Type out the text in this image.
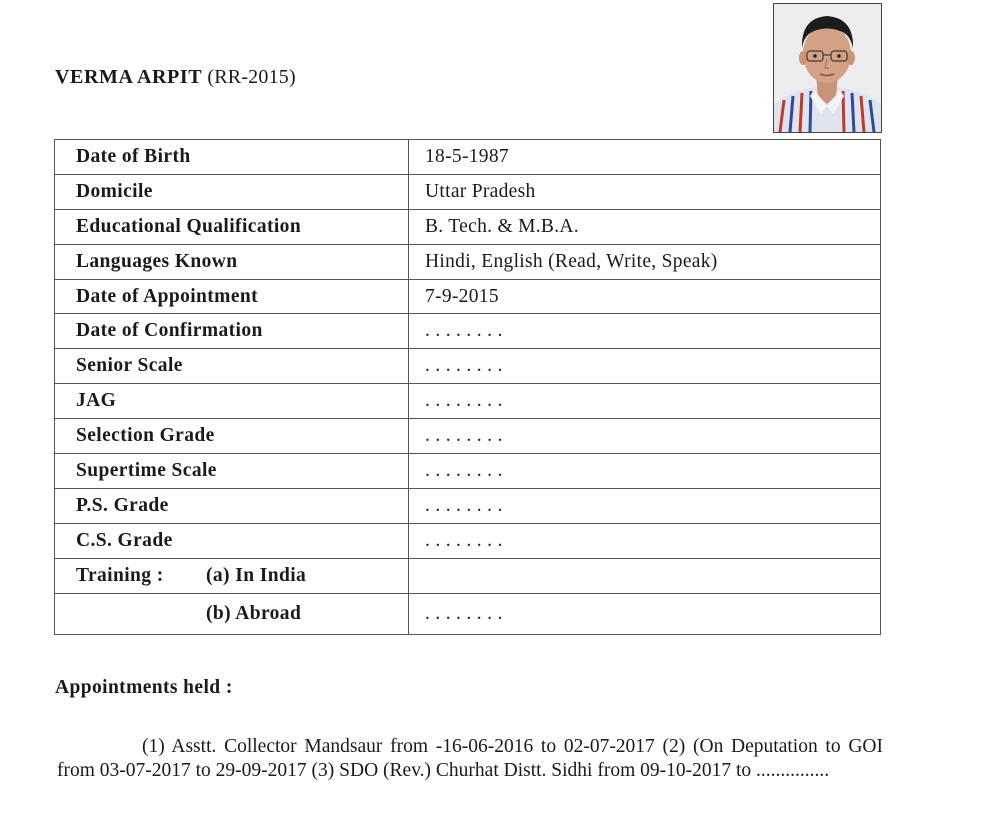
VERMA ARPIT (RR-2015)
Date of Birth	18-5-1987
Domicile	Uttar Pradesh
Educational Qualification	B. Tech. & M.B.A.
Languages Known	Hindi, English (Read, Write, Speak)
Date of Appointment	7-9-2015
Date of Confirmation	. . . . . . . .
Senior Scale	. . . . . . . .
JAG	. . . . . . . .
Selection Grade	. . . . . . . .
Supertime Scale	. . . . . . . .
P.S. Grade	. . . . . . . .
C.S. Grade	. . . . . . . .
Training : (a) In India	
(b) Abroad	. . . . . . . .
Appointments held :
(1) Asstt. Collector Mandsaur from -16-06-2016 to 02-07-2017 (2) (On Deputation to GOI from 03-07-2017 to 29-09-2017 (3) SDO (Rev.) Churhat Distt. Sidhi from 09-10-2017 to ...............
